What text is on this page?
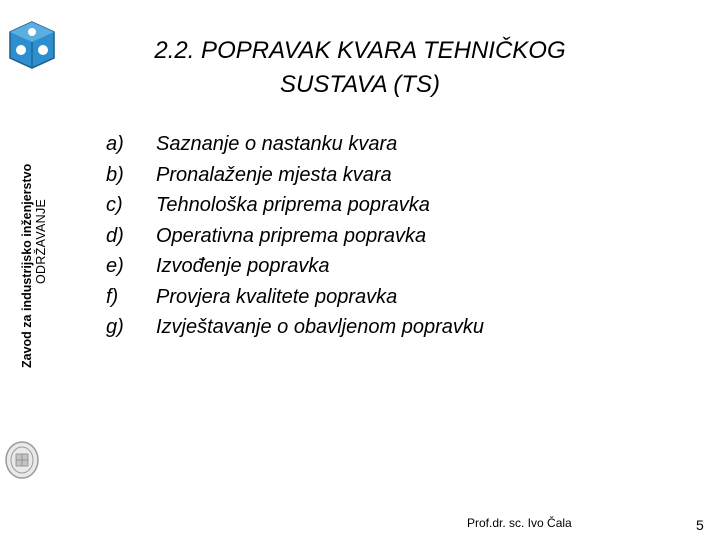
Zavod za industrijsko inženjerstvo ODRŽAVANJE
2.2. POPRAVAK KVARA TEHNIČKOG
SUSTAVA (TS)
a) Saznanje o nastanku kvara
b) Pronalaženje mjesta kvara
c) Tehnološka priprema popravka
d) Operativna priprema popravka
e) Izvođenje popravka
f) Provjera kvalitete popravka
g) Izvještavanje o obavljenom popravku
Prof.dr. sc. Ivo Čala	5
